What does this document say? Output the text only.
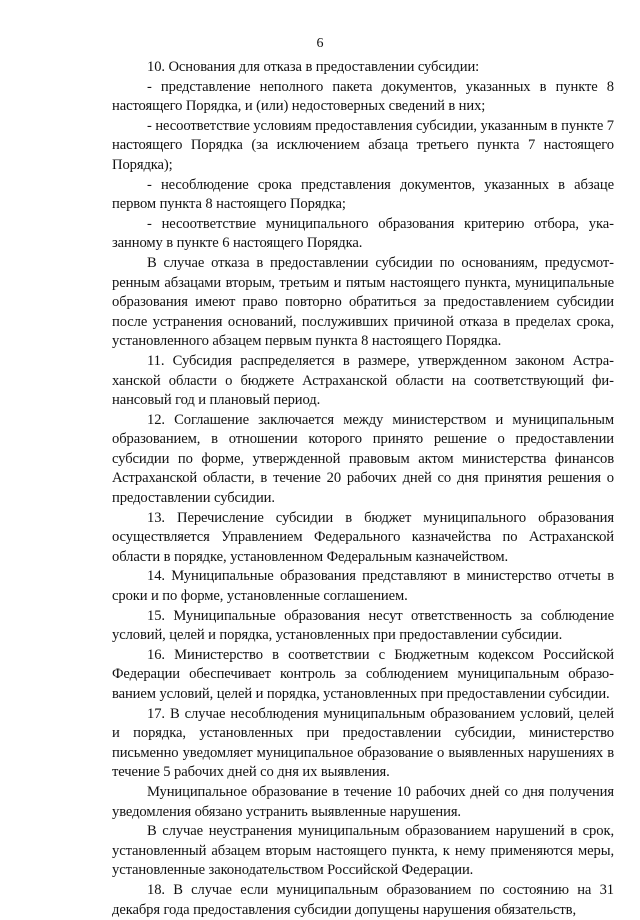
6

10. Основания для отказа в предоставлении субсидии:

- представление неполного пакета документов, указанных в пункте 8 настоящего Порядка, и (или) недостоверных сведений в них;

- несоответствие условиям предоставления субсидии, указанным в пункте 7 настоящего Порядка (за исключением абзаца третьего пункта 7 настоящего Порядка);

- несоблюдение срока представления документов, указанных в абзаце первом пункта 8 настоящего Порядка;

- несоответствие муниципального образования критерию отбора, указанному в пункте 6 настоящего Порядка.

В случае отказа в предоставлении субсидии по основаниям, предусмотренным абзацами вторым, третьим и пятым настоящего пункта, муниципальные образования имеют право повторно обратиться за предоставлением субсидии после устранения оснований, послуживших причиной отказа в пределах срока, установленного абзацем первым пункта 8 настоящего Порядка.

11. Субсидия распределяется в размере, утвержденном законом Астраханской области о бюджете Астраханской области на соответствующий финансовый год и плановый период.

12. Соглашение заключается между министерством и муниципальным образованием, в отношении которого принято решение о предоставлении субсидии по форме, утвержденной правовым актом министерства финансов Астраханской области, в течение 20 рабочих дней со дня принятия решения о предоставлении субсидии.

13. Перечисление субсидии в бюджет муниципального образования осуществляется Управлением Федерального казначейства по Астраханской области в порядке, установленном Федеральным казначейством.

14. Муниципальные образования представляют в министерство отчеты в сроки и по форме, установленные соглашением.

15. Муниципальные образования несут ответственность за соблюдение условий, целей и порядка, установленных при предоставлении субсидии.

16. Министерство в соответствии с Бюджетным кодексом Российской Федерации обеспечивает контроль за соблюдением муниципальным образованием условий, целей и порядка, установленных при предоставлении субсидии.

17. В случае несоблюдения муниципальным образованием условий, целей и порядка, установленных при предоставлении субсидии, министерство письменно уведомляет муниципальное образование о выявленных нарушениях в течение 5 рабочих дней со дня их выявления.

Муниципальное образование в течение 10 рабочих дней со дня получения уведомления обязано устранить выявленные нарушения.

В случае неустранения муниципальным образованием нарушений в срок, установленный абзацем вторым настоящего пункта, к нему применяются меры, установленные законодательством Российской Федерации.

18. В случае если муниципальным образованием по состоянию на 31 декабря года предоставления субсидии допущены нарушения обязательств,
